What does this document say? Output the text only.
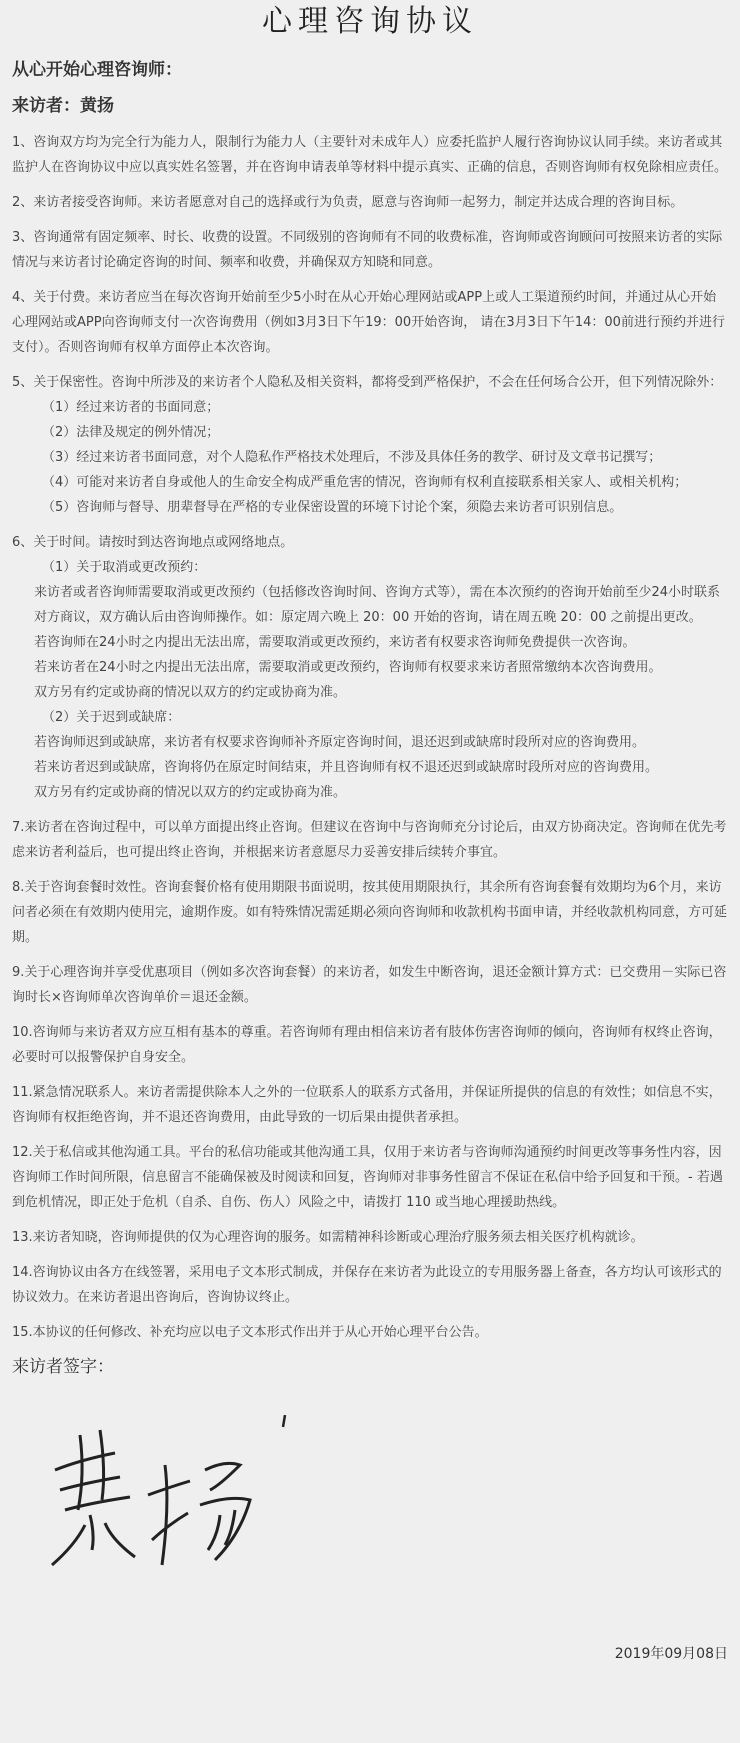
心理咨询协议
从心开始心理咨询师：
来访者：黄扬
1、咨询双方均为完全行为能力人，限制行为能力人（主要针对未成年人）应委托监护人履行咨询协议认同手续。来访者或其监护人在咨询协议中应以真实姓名签署，并在咨询申请表单等材料中提示真实、正确的信息，否则咨询师有权免除相应责任。
2、来访者接受咨询师。来访者愿意对自己的选择或行为负责，愿意与咨询师一起努力，制定并达成合理的咨询目标。
3、咨询通常有固定频率、时长、收费的设置。不同级别的咨询师有不同的收费标准，咨询师或咨询顾问可按照来访者的实际情况与来访者讨论确定咨询的时间、频率和收费，并确保双方知晓和同意。
4、关于付费。来访者应当在每次咨询开始前至少5小时在从心开始心理网站或APP上或人工渠道预约时间，并通过从心开始心理网站或APP向咨询师支付一次咨询费用（例如3月3日下午19：00开始咨询， 请在3月3日下午14：00前进行预约并进行支付）。否则咨询师有权单方面停止本次咨询。
5、关于保密性。咨询中所涉及的来访者个人隐私及相关资料，都将受到严格保护，不会在任何场合公开，但下列情况除外：
（1）经过来访者的书面同意；
（2）法律及规定的例外情况；
（3）经过来访者书面同意，对个人隐私作严格技术处理后，不涉及具体任务的教学、研讨及文章书记撰写；
（4）可能对来访者自身或他人的生命安全构成严重危害的情况，咨询师有权利直接联系相关家人、或相关机构；
（5）咨询师与督导、朋辈督导在严格的专业保密设置的环境下讨论个案，须隐去来访者可识别信息。
6、关于时间。请按时到达咨询地点或网络地点。
（1）关于取消或更改预约：
来访者或者咨询师需要取消或更改预约（包括修改咨询时间、咨询方式等），需在本次预约的咨询开始前至少24小时联系对方商议，双方确认后由咨询师操作。如：原定周六晚上 20：00 开始的咨询，请在周五晚 20：00 之前提出更改。
若咨询师在24小时之内提出无法出席，需要取消或更改预约，来访者有权要求咨询师免费提供一次咨询。
若来访者在24小时之内提出无法出席，需要取消或更改预约，咨询师有权要求来访者照常缴纳本次咨询费用。
双方另有约定或协商的情况以双方的约定或协商为准。
（2）关于迟到或缺席：
若咨询师迟到或缺席，来访者有权要求咨询师补齐原定咨询时间，退还迟到或缺席时段所对应的咨询费用。
若来访者迟到或缺席，咨询将仍在原定时间结束，并且咨询师有权不退还迟到或缺席时段所对应的咨询费用。
双方另有约定或协商的情况以双方的约定或协商为准。
7.来访者在咨询过程中，可以单方面提出终止咨询。但建议在咨询中与咨询师充分讨论后，由双方协商决定。咨询师在优先考虑来访者利益后，也可提出终止咨询，并根据来访者意愿尽力妥善安排后续转介事宜。
8.关于咨询套餐时效性。咨询套餐价格有使用期限书面说明，按其使用期限执行，其余所有咨询套餐有效期均为6个月，来访问者必须在有效期内使用完，逾期作废。如有特殊情况需延期必须向咨询师和收款机构书面申请，并经收款机构同意，方可延期。
9.关于心理咨询并享受优惠项目（例如多次咨询套餐）的来访者，如发生中断咨询，退还金额计算方式：已交费用－实际已咨询时长×咨询师单次咨询单价＝退还金额。
10.咨询师与来访者双方应互相有基本的尊重。若咨询师有理由相信来访者有肢体伤害咨询师的倾向，咨询师有权终止咨询， 必要时可以报警保护自身安全。
11.紧急情况联系人。来访者需提供除本人之外的一位联系人的联系方式备用，并保证所提供的信息的有效性；如信息不实，咨询师有权拒绝咨询，并不退还咨询费用，由此导致的一切后果由提供者承担。
12.关于私信或其他沟通工具。平台的私信功能或其他沟通工具，仅用于来访者与咨询师沟通预约时间更改等事务性内容，因咨询师工作时间所限，信息留言不能确保被及时阅读和回复，咨询师对非事务性留言不保证在私信中给予回复和干预。- 若遇到危机情况，即正处于危机（自杀、自伤、伤人）风险之中，请拨打 110 或当地心理援助热线。
13.来访者知晓，咨询师提供的仅为心理咨询的服务。如需精神科诊断或心理治疗服务须去相关医疗机构就诊。
14.咨询协议由各方在线签署，采用电子文本形式制成，并保存在来访者为此设立的专用服务器上备查，各方均认可该形式的协议效力。在来访者退出咨询后，咨询协议终止。
15.本协议的任何修改、补充均应以电子文本形式作出并于从心开始心理平台公告。
来访者签字：
2019年09月08日
